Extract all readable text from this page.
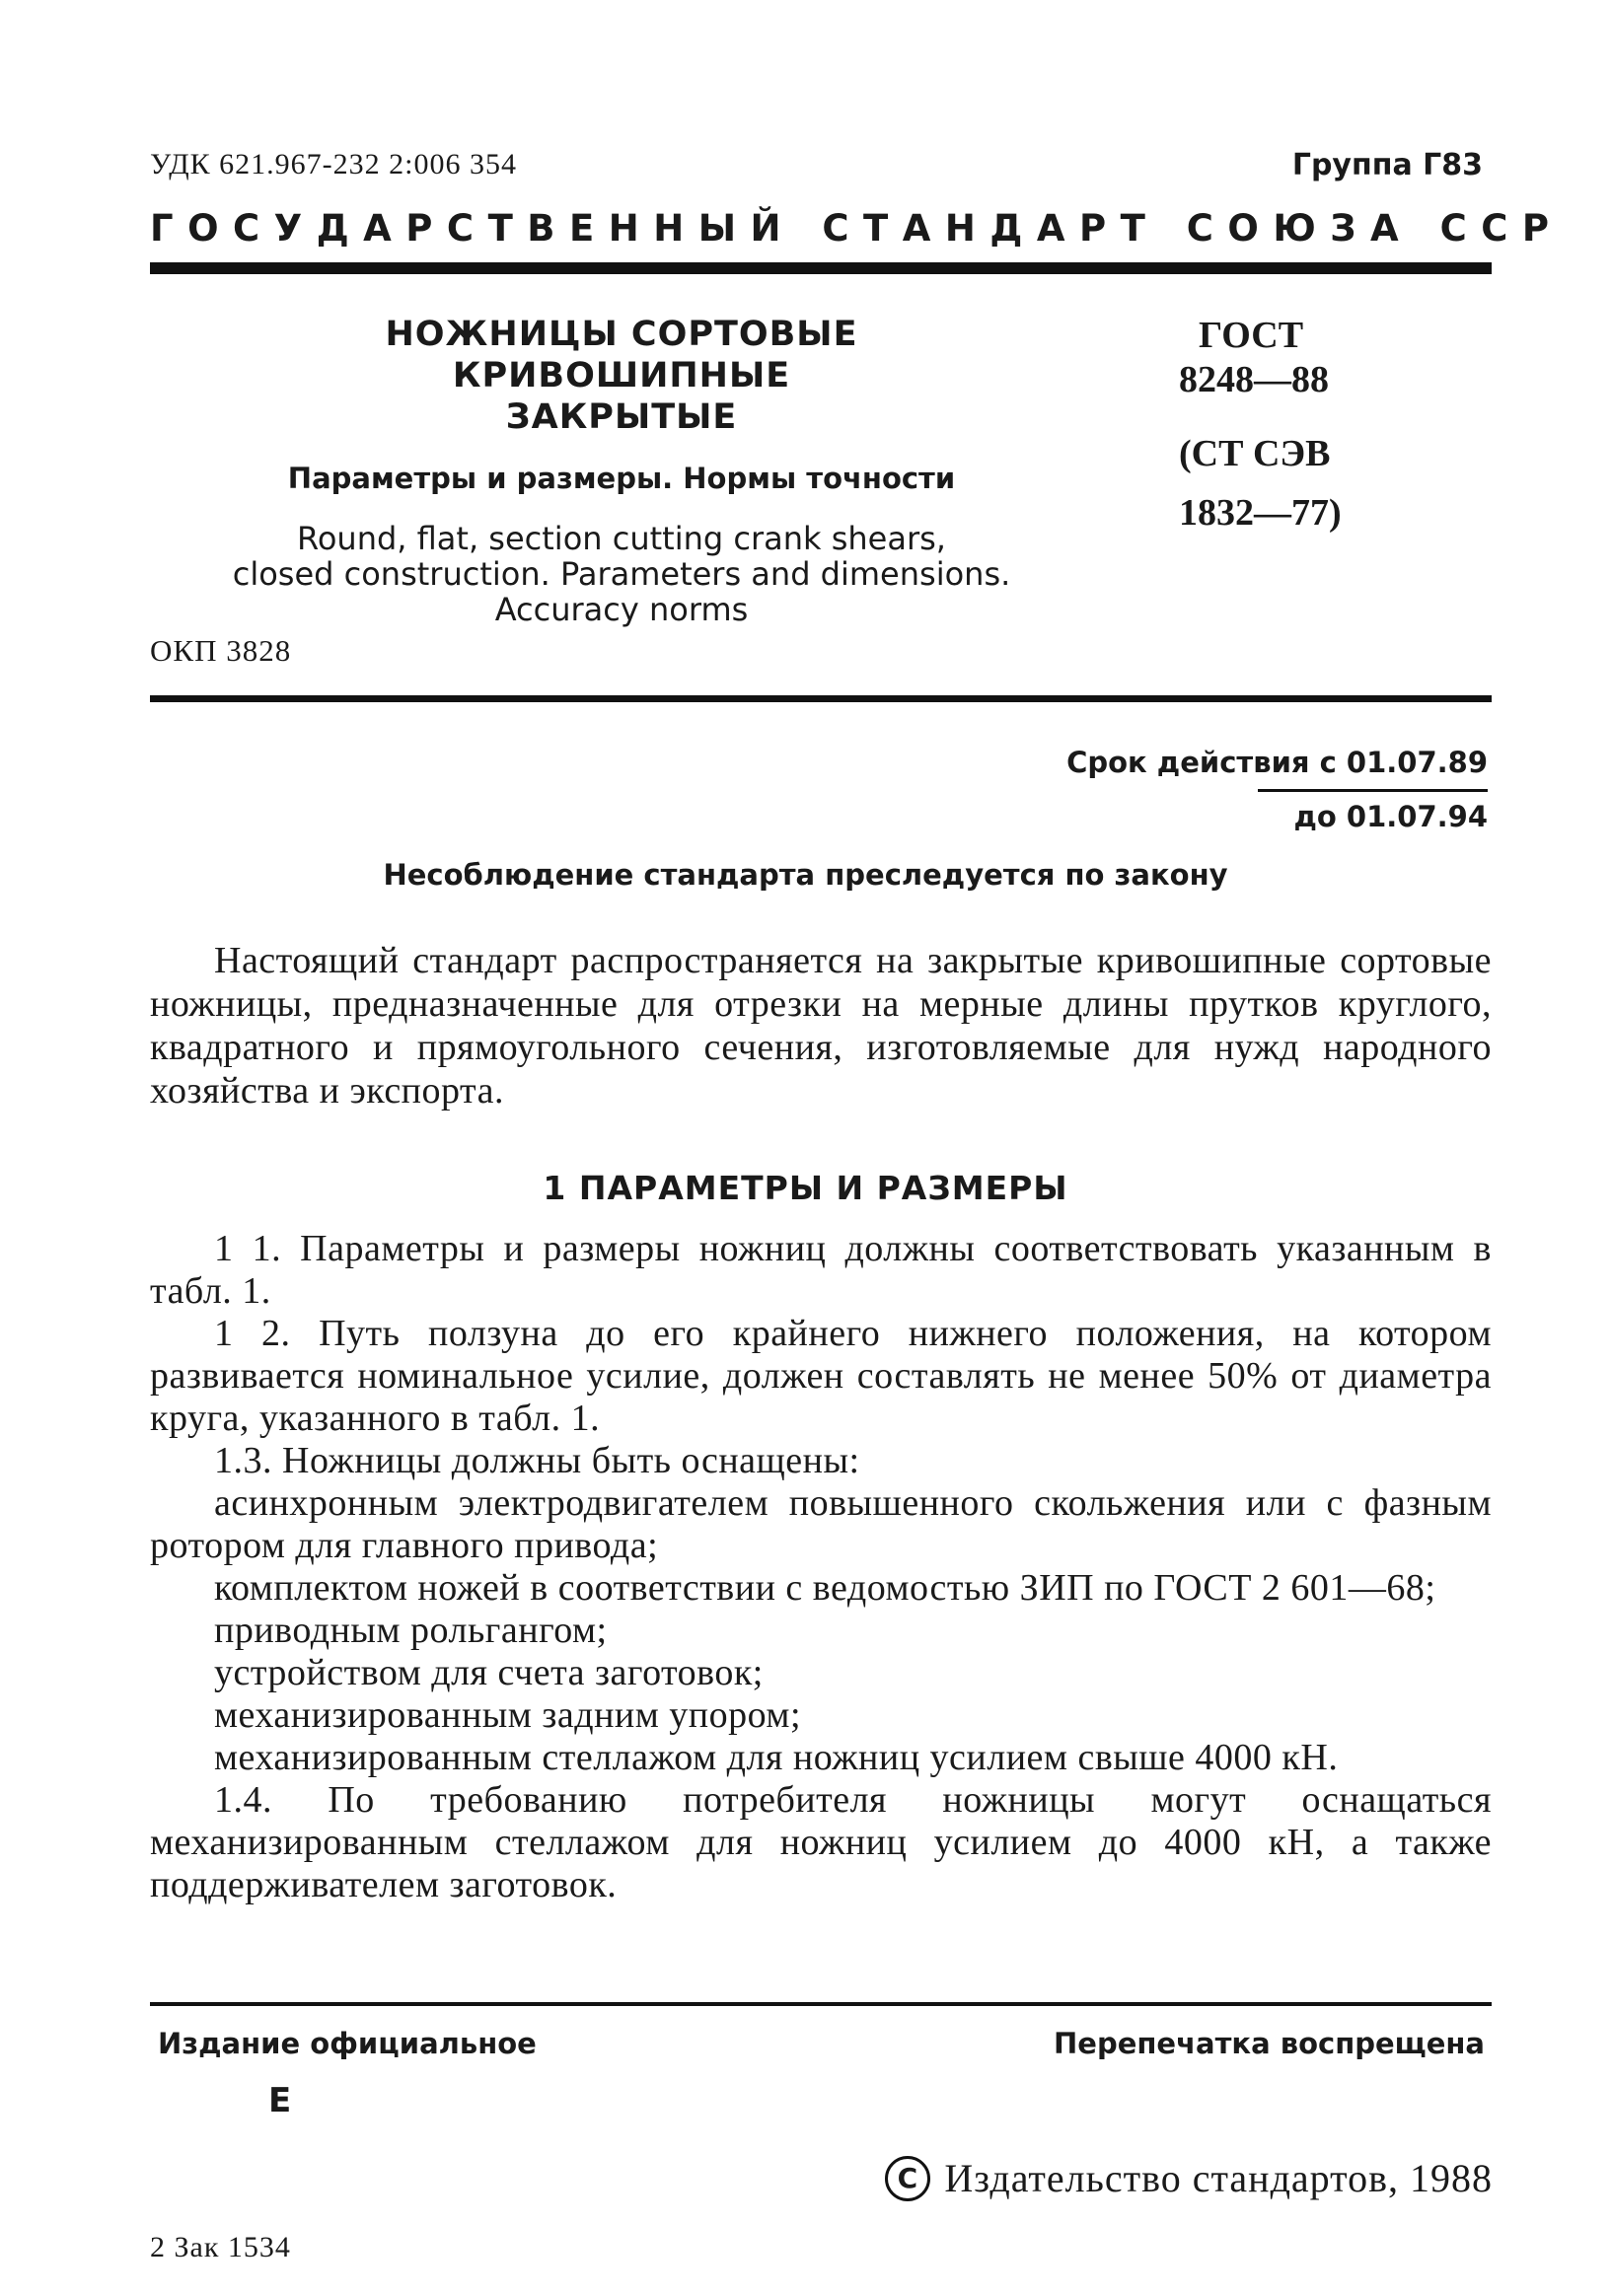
УДК 621.967-232 2:006 354	Группа Г83
ГОСУДАРСТВЕННЫЙ СТАНДАРТ СОЮЗА ССР
НОЖНИЦЫ СОРТОВЫЕ КРИВОШИПНЫЕ
ЗАКРЫТЫЕ
Параметры и размеры. Нормы точности
Round, flat, section cutting crank shears,
closed construction. Parameters and dimensions.
Accuracy norms
ГОСТ
8248—88
(СТ СЭВ
1832—77)
ОКП 3828
Срок действия с 01.07.89
до 01.07.94
Несоблюдение стандарта преследуется по закону
Настоящий стандарт распространяется на закрытые кривошипные сортовые ножницы, предназначенные для отрезки на мерные длины прутков круглого, квадратного и прямоугольного сечения, изготовляемые для нужд народного хозяйства и экспорта.
1 ПАРАМЕТРЫ И РАЗМЕРЫ

1 1. Параметры и размеры ножниц должны соответствовать указанным в табл. 1.

1 2. Путь ползуна до его крайнего нижнего положения, на котором развивается номинальное усилие, должен составлять не менее 50% от диаметра круга, указанного в табл. 1.

1.3. Ножницы должны быть оснащены:

асинхронным электродвигателем повышенного скольжения или с фазным ротором для главного привода;

комплектом ножей в соответствии с ведомостью ЗИП по ГОСТ 2 601—68;

приводным рольгангом;

устройством для счета заготовок;

механизированным задним упором;

механизированным стеллажом для ножниц усилием свыше 4000 кН.

1.4. По требованию потребителя ножницы могут оснащаться механизированным стеллажом для ножниц усилием до 4000 кН, а также поддерживателем заготовок.

Издание официальное	Перепечатка воспрещена
Е
C Издательство стандартов, 1988
2 Зак 1534
